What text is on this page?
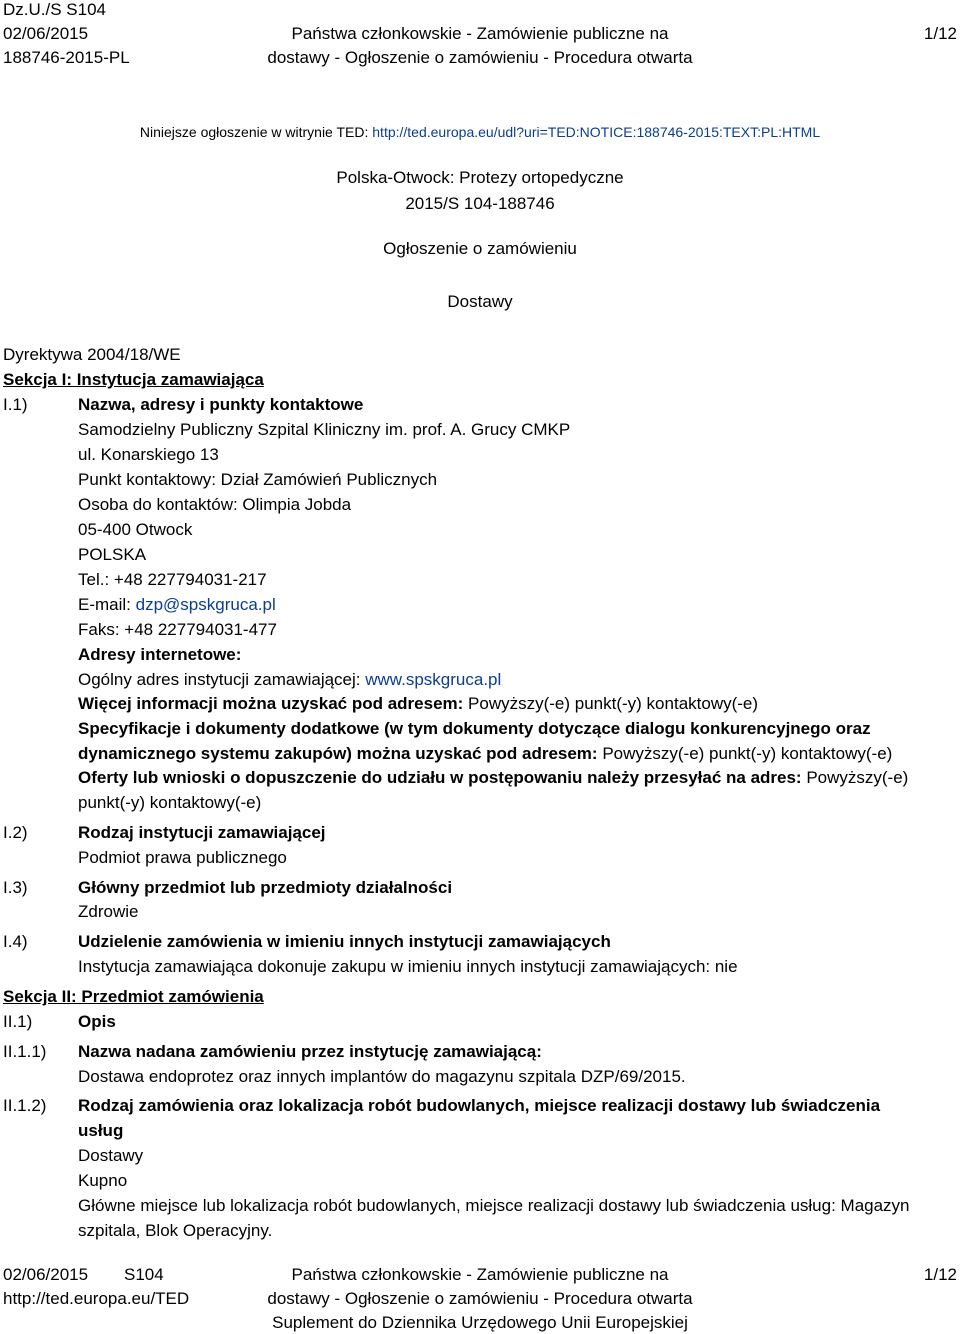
Dz.U./S S104
02/06/2015
188746-2015-PL
Państwa członkowskie - Zamówienie publiczne na
dostawy - Ogłoszenie o zamówieniu - Procedura otwarta
1/12
Niniejsze ogłoszenie w witrynie TED: http://ted.europa.eu/udl?uri=TED:NOTICE:188746-2015:TEXT:PL:HTML
Polska-Otwock: Protezy ortopedyczne
2015/S 104-188746
Ogłoszenie o zamówieniu
Dostawy
Dyrektywa 2004/18/WE
Sekcja I: Instytucja zamawiająca
I.1)	Nazwa, adresy i punkty kontaktowe
Samodzielny Publiczny Szpital Kliniczny im. prof. A. Grucy CMKP
ul. Konarskiego 13
Punkt kontaktowy: Dział Zamówień Publicznych
Osoba do kontaktów: Olimpia Jobda
05-400 Otwock
POLSKA
Tel.: +48 227794031-217
E-mail: dzp@spskgruca.pl
Faks: +48 227794031-477
Adresy internetowe:
Ogólny adres instytucji zamawiającej: www.spskgruca.pl
Więcej informacji można uzyskać pod adresem: Powyższy(-e) punkt(-y) kontaktowy(-e)
Specyfikacje i dokumenty dodatkowe (w tym dokumenty dotyczące dialogu konkurencyjnego oraz
dynamicznego systemu zakupów) można uzyskać pod adresem: Powyższy(-e) punkt(-y) kontaktowy(-e)
Oferty lub wnioski o dopuszczenie do udziału w postępowaniu należy przesyłać na adres: Powyższy(-e)
punkt(-y) kontaktowy(-e)
I.2)	Rodzaj instytucji zamawiającej
Podmiot prawa publicznego
I.3)	Główny przedmiot lub przedmioty działalności
Zdrowie
I.4)	Udzielenie zamówienia w imieniu innych instytucji zamawiających
Instytucja zamawiająca dokonuje zakupu w imieniu innych instytucji zamawiających: nie
Sekcja II: Przedmiot zamówienia
II.1)	Opis
II.1.1) Nazwa nadana zamówieniu przez instytucję zamawiającą:
Dostawa endoprotez oraz innych implantów do magazynu szpitala DZP/69/2015.
II.1.2) Rodzaj zamówienia oraz lokalizacja robót budowlanych, miejsce realizacji dostawy lub świadczenia
usług
Dostawy
Kupno
Główne miejsce lub lokalizacja robót budowlanych, miejsce realizacji dostawy lub świadczenia usług: Magazyn
szpitala, Blok Operacyjny.
02/06/2015 S104
http://ted.europa.eu/TED
Państwa członkowskie - Zamówienie publiczne na
dostawy - Ogłoszenie o zamówieniu - Procedura otwarta
Suplement do Dziennika Urzędowego Unii Europejskiej
1/12
